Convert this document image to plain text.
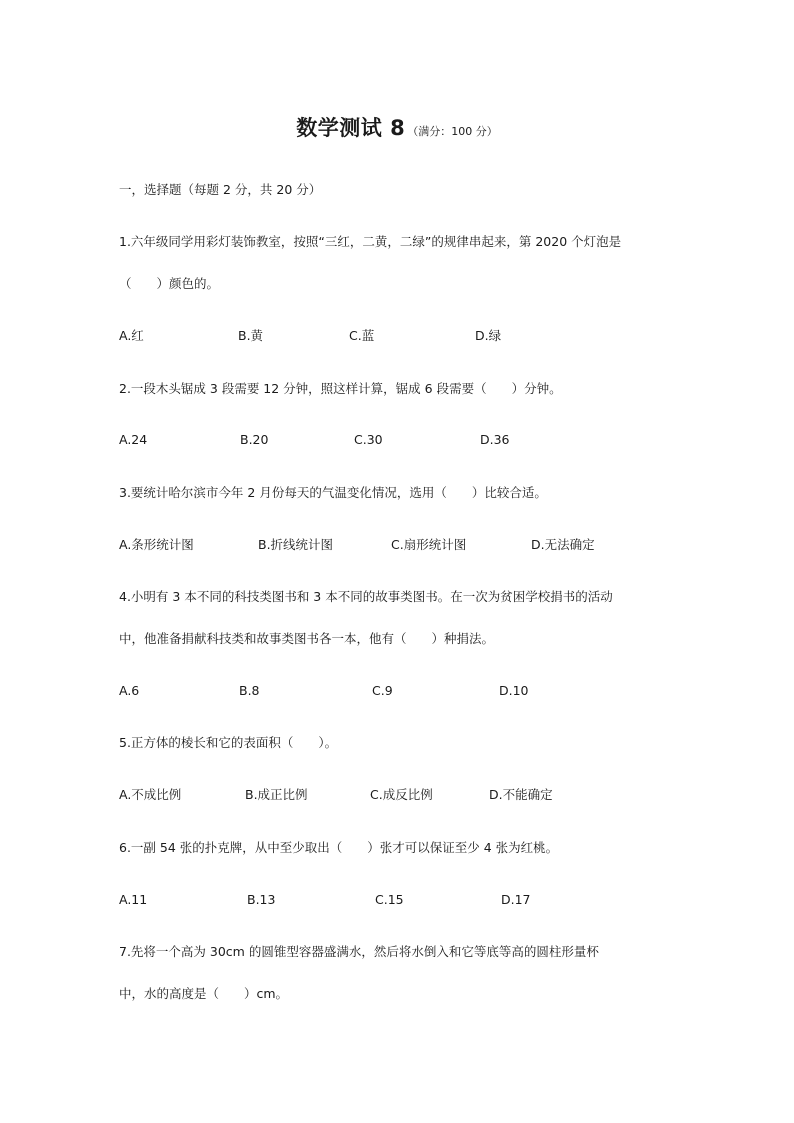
数学测试 8 （满分：100 分）
一，选择题（每题 2 分，共 20 分）
1.六年级同学用彩灯装饰教室，按照“三红，二黄，二绿”的规律串起来，第 2020 个灯泡是
（　　）颜色的。
A.红	B.黄	C.蓝	D.绿
2.一段木头锯成 3 段需要 12 分钟，照这样计算，锯成 6 段需要（　　）分钟。
A.24	B.20	C.30	D.36
3.要统计哈尔滨市今年 2 月份每天的气温变化情况，选用（　　）比较合适。
A.条形统计图	B.折线统计图	C.扇形统计图	D.无法确定
4.小明有 3 本不同的科技类图书和 3 本不同的故事类图书。在一次为贫困学校捐书的活动
中，他准备捐献科技类和故事类图书各一本，他有（　　）种捐法。
A.6	B.8	C.9	D.10
5.正方体的棱长和它的表面积（　　）。
A.不成比例	B.成正比例	C.成反比例	D.不能确定
6.一副 54 张的扑克牌，从中至少取出（　　）张才可以保证至少 4 张为红桃。
A.11	B.13	C.15	D.17
7.先将一个高为 30cm 的圆锥型容器盛满水，然后将水倒入和它等底等高的圆柱形量杯
中，水的高度是（　　）cm。
